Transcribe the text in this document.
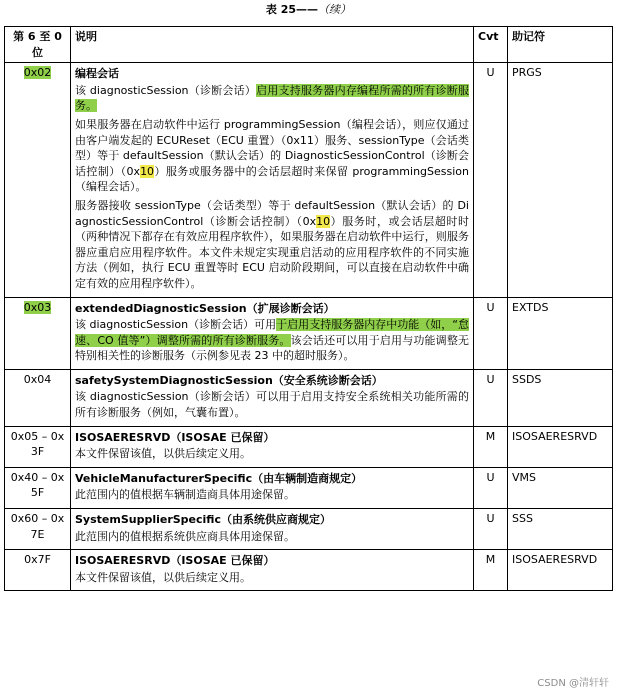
表 25——（续）
第 6 至 0 位	说明	Cvt	助记符
0x02	编程会话
该 diagnosticSession（诊断会话）启用支持服务器内存编程所需的所有诊断服务。
如果服务器在启动软件中运行 programmingSession（编程会话），则应仅通过由客户端发起的 ECUReset（ECU 重置）（0x11）服务、sessionType（会话类型）等于 defaultSession（默认会话）的 DiagnosticSessionControl（诊断会话控制）（0x10）服务或服务器中的会话层超时来保留 programmingSession（编程会话）。
服务器接收 sessionType（会话类型）等于 defaultSession（默认会话）的 DiagnosticSessionControl（诊断会话控制）（0x10）服务时，或会话层超时时（两种情况下都存在有效应用程序软件），如果服务器在启动软件中运行，则服务器应重启应用程序软件。本文件未规定实现重启活动的应用程序软件的不同实施方法（例如，执行 ECU 重置等时 ECU 启动阶段期间，可以直接在启动软件中确定有效的应用程序软件）。	U	PRGS
0x03	extendedDiagnosticSession（扩展诊断会话）
该 diagnosticSession（诊断会话）可用于启用支持服务器内存中功能（如，“怠速、CO 值等”）调整所需的所有诊断服务。该会话还可以用于启用与功能调整无特别相关性的诊断服务（示例参见表 23 中的超时服务）。	U	EXTDS
0x04	safetySystemDiagnosticSession（安全系统诊断会话）
该 diagnosticSession（诊断会话）可以用于启用支持安全系统相关功能所需的所有诊断服务（例如，气囊布置）。	U	SSDS
0x05 – 0x3F	ISOSAERESRVD（ISOSAE 已保留）
本文件保留该值，以供后续定义用。	M	ISOSAERESRVD
0x40 – 0x5F	VehicleManufacturerSpecific（由车辆制造商规定）
此范围内的值根据车辆制造商具体用途保留。	U	VMS
0x60 – 0x7E	SystemSupplierSpecific（由系统供应商规定）
此范围内的值根据系统供应商具体用途保留。	U	SSS
0x7F	ISOSAERESRVD（ISOSAE 已保留）
本文件保留该值，以供后续定义用。	M	ISOSAERESRVD
CSDN @清轩轩
